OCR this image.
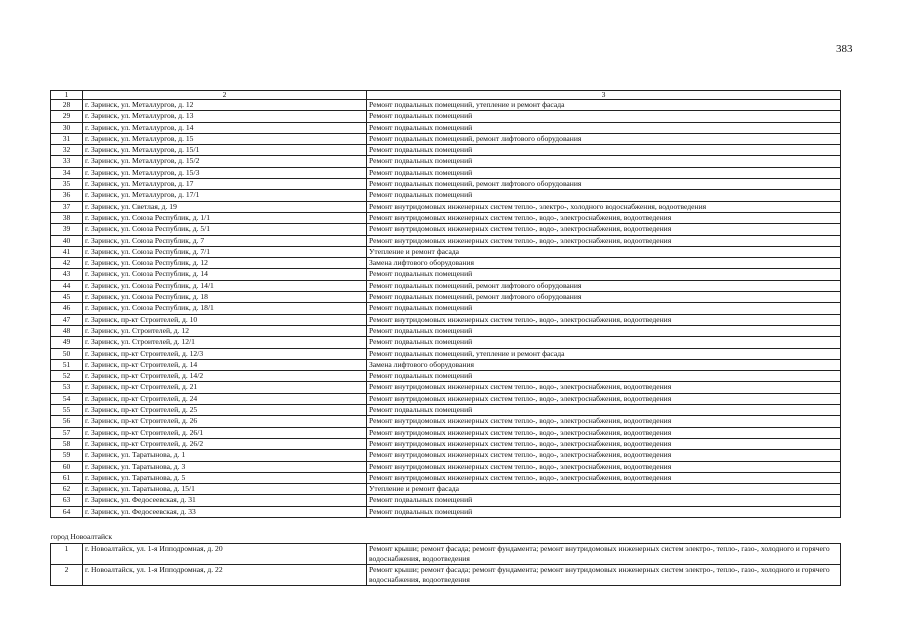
383
1	2	3
28	г. Заринск, ул. Металлургов, д. 12	Ремонт подвальных помещений, утепление и ремонт фасада
29	г. Заринск, ул. Металлургов, д. 13	Ремонт подвальных помещений
30	г. Заринск, ул. Металлургов, д. 14	Ремонт подвальных помещений
31	г. Заринск, ул. Металлургов, д. 15	Ремонт подвальных помещений, ремонт лифтового оборудования
32	г. Заринск, ул. Металлургов, д. 15/1	Ремонт подвальных помещений
33	г. Заринск, ул. Металлургов, д. 15/2	Ремонт подвальных помещений
34	г. Заринск, ул. Металлургов, д. 15/3	Ремонт подвальных помещений
35	г. Заринск, ул. Металлургов, д. 17	Ремонт подвальных помещений, ремонт лифтового оборудования
36	г. Заринск, ул. Металлургов, д. 17/1	Ремонт подвальных помещений
37	г. Заринск, ул. Светлая, д. 19	Ремонт внутридомовых инженерных систем тепло-, электро-, холодного водоснабжения, водоотведения
38	г. Заринск, ул. Союза Республик, д. 1/1	Ремонт внутридомовых инженерных систем тепло-, водо-, электроснабжения, водоотведения
39	г. Заринск, ул. Союза Республик, д. 5/1	Ремонт внутридомовых инженерных систем тепло-, водо-, электроснабжения, водоотведения
40	г. Заринск, ул. Союза Республик, д. 7	Ремонт внутридомовых инженерных систем тепло-, водо-, электроснабжения, водоотведения
41	г. Заринск, ул. Союза Республик, д. 7/1	Утепление и ремонт фасада
42	г. Заринск, ул. Союза Республик, д. 12	Замена лифтового оборудования
43	г. Заринск, ул. Союза Республик, д. 14	Ремонт подвальных помещений
44	г. Заринск, ул. Союза Республик, д. 14/1	Ремонт подвальных помещений, ремонт лифтового оборудования
45	г. Заринск, ул. Союза Республик, д. 18	Ремонт подвальных помещений, ремонт лифтового оборудования
46	г. Заринск, ул. Союза Республик, д. 18/1	Ремонт подвальных помещений
47	г. Заринск, пр-кт Строителей, д. 10	Ремонт внутридомовых инженерных систем тепло-, водо-, электроснабжения, водоотведения
48	г. Заринск, ул. Строителей, д. 12	Ремонт подвальных помещений
49	г. Заринск, ул. Строителей, д. 12/1	Ремонт подвальных помещений
50	г. Заринск, пр-кт Строителей, д. 12/3	Ремонт подвальных помещений, утепление и ремонт фасада
51	г. Заринск, пр-кт Строителей, д. 14	Замена лифтового оборудования
52	г. Заринск, пр-кт Строителей, д. 14/2	Ремонт подвальных помещений
53	г. Заринск, пр-кт Строителей, д. 21	Ремонт внутридомовых инженерных систем тепло-, водо-, электроснабжения, водоотведения
54	г. Заринск, пр-кт Строителей, д. 24	Ремонт внутридомовых инженерных систем тепло-, водо-, электроснабжения, водоотведения
55	г. Заринск, пр-кт Строителей, д. 25	Ремонт подвальных помещений
56	г. Заринск, пр-кт Строителей, д. 26	Ремонт внутридомовых инженерных систем тепло-, водо-, электроснабжения, водоотведения
57	г. Заринск, пр-кт Строителей, д. 26/1	Ремонт внутридомовых инженерных систем тепло-, водо-, электроснабжения, водоотведения
58	г. Заринск, пр-кт Строителей, д. 26/2	Ремонт внутридомовых инженерных систем тепло-, водо-, электроснабжения, водоотведения
59	г. Заринск, ул. Таратынова, д. 1	Ремонт внутридомовых инженерных систем тепло-, водо-, электроснабжения, водоотведения
60	г. Заринск, ул. Таратынова, д. 3	Ремонт внутридомовых инженерных систем тепло-, водо-, электроснабжения, водоотведения
61	г. Заринск, ул. Таратынова, д. 5	Ремонт внутридомовых инженерных систем тепло-, водо-, электроснабжения, водоотведения
62	г. Заринск, ул. Таратынова, д. 15/1	Утепление и ремонт фасада
63	г. Заринск, ул. Федосеевская, д. 31	Ремонт подвальных помещений
64	г. Заринск, ул. Федосеевская, д. 33	Ремонт подвальных помещений
город Новоалтайск		
1	г. Новоалтайск, ул. 1-я Ипподромная, д. 20	Ремонт крыши; ремонт фасада; ремонт фундамента; ремонт внутридомовых инженерных систем электро-, тепло-, газо-, холодного и горячего водоснабжения, водоотведения
2	г. Новоалтайск, ул. 1-я Ипподромная, д. 22	Ремонт крыши; ремонт фасада; ремонт фундамента; ремонт внутридомовых инженерных систем электро-, тепло-, газо-, холодного и горячего водоснабжения, водоотведения
